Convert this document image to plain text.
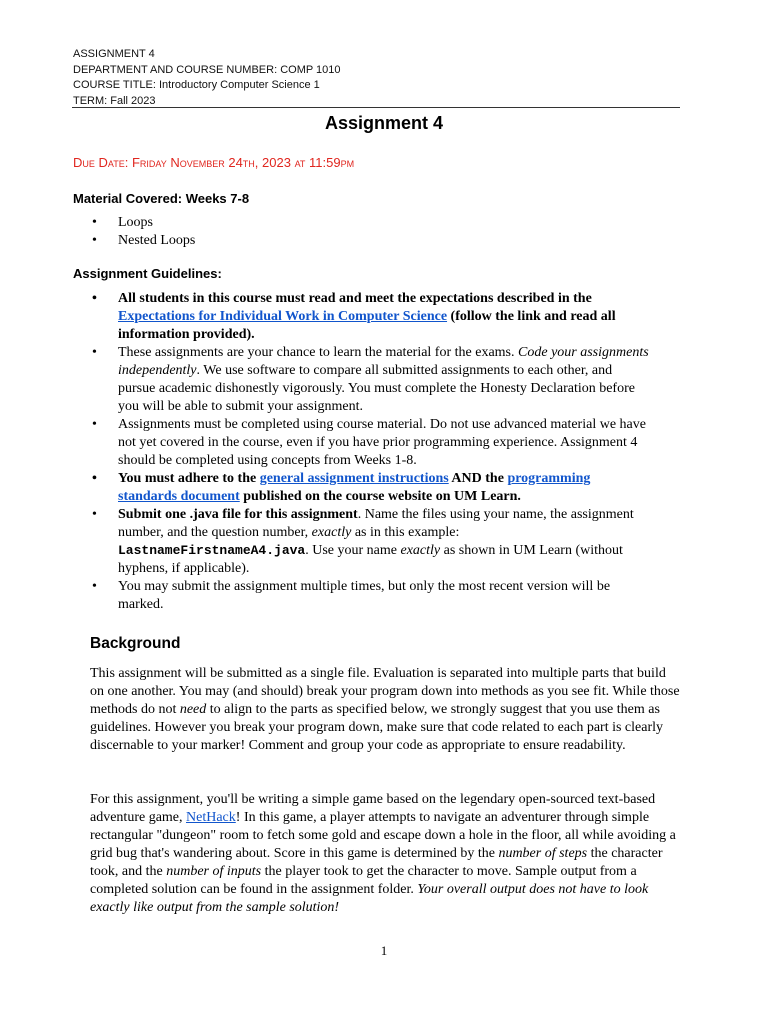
ASSIGNMENT 4
DEPARTMENT AND COURSE NUMBER: COMP 1010
COURSE TITLE: Introductory Computer Science 1
TERM: Fall 2023
Assignment 4
Due Date: Friday November 24th, 2023 at 11:59pm
Material Covered: Weeks 7-8
• Loops
• Nested Loops
Assignment Guidelines:
• All students in this course must read and meet the expectations described in the Expectations for Individual Work in Computer Science (follow the link and read all information provided).
• These assignments are your chance to learn the material for the exams. Code your assignments independently. We use software to compare all submitted assignments to each other, and pursue academic dishonestly vigorously. You must complete the Honesty Declaration before you will be able to submit your assignment.
• Assignments must be completed using course material. Do not use advanced material we have not yet covered in the course, even if you have prior programming experience. Assignment 4 should be completed using concepts from Weeks 1-8.
• You must adhere to the general assignment instructions AND the programming standards document published on the course website on UM Learn.
• Submit one .java file for this assignment. Name the files using your name, the assignment number, and the question number, exactly as in this example: LastnameFirstnameA4.java. Use your name exactly as shown in UM Learn (without hyphens, if applicable).
• You may submit the assignment multiple times, but only the most recent version will be marked.
Background
This assignment will be submitted as a single file. Evaluation is separated into multiple parts that build on one another. You may (and should) break your program down into methods as you see fit. While those methods do not need to align to the parts as specified below, we strongly suggest that you use them as guidelines. However you break your program down, make sure that code related to each part is clearly discernable to your marker! Comment and group your code as appropriate to ensure readability.
For this assignment, you'll be writing a simple game based on the legendary open-sourced text-based adventure game, NetHack! In this game, a player attempts to navigate an adventurer through simple rectangular "dungeon" room to fetch some gold and escape down a hole in the floor, all while avoiding a grid bug that's wandering about. Score in this game is determined by the number of steps the character took, and the number of inputs the player took to get the character to move. Sample output from a completed solution can be found in the assignment folder. Your overall output does not have to look exactly like output from the sample solution!
1
